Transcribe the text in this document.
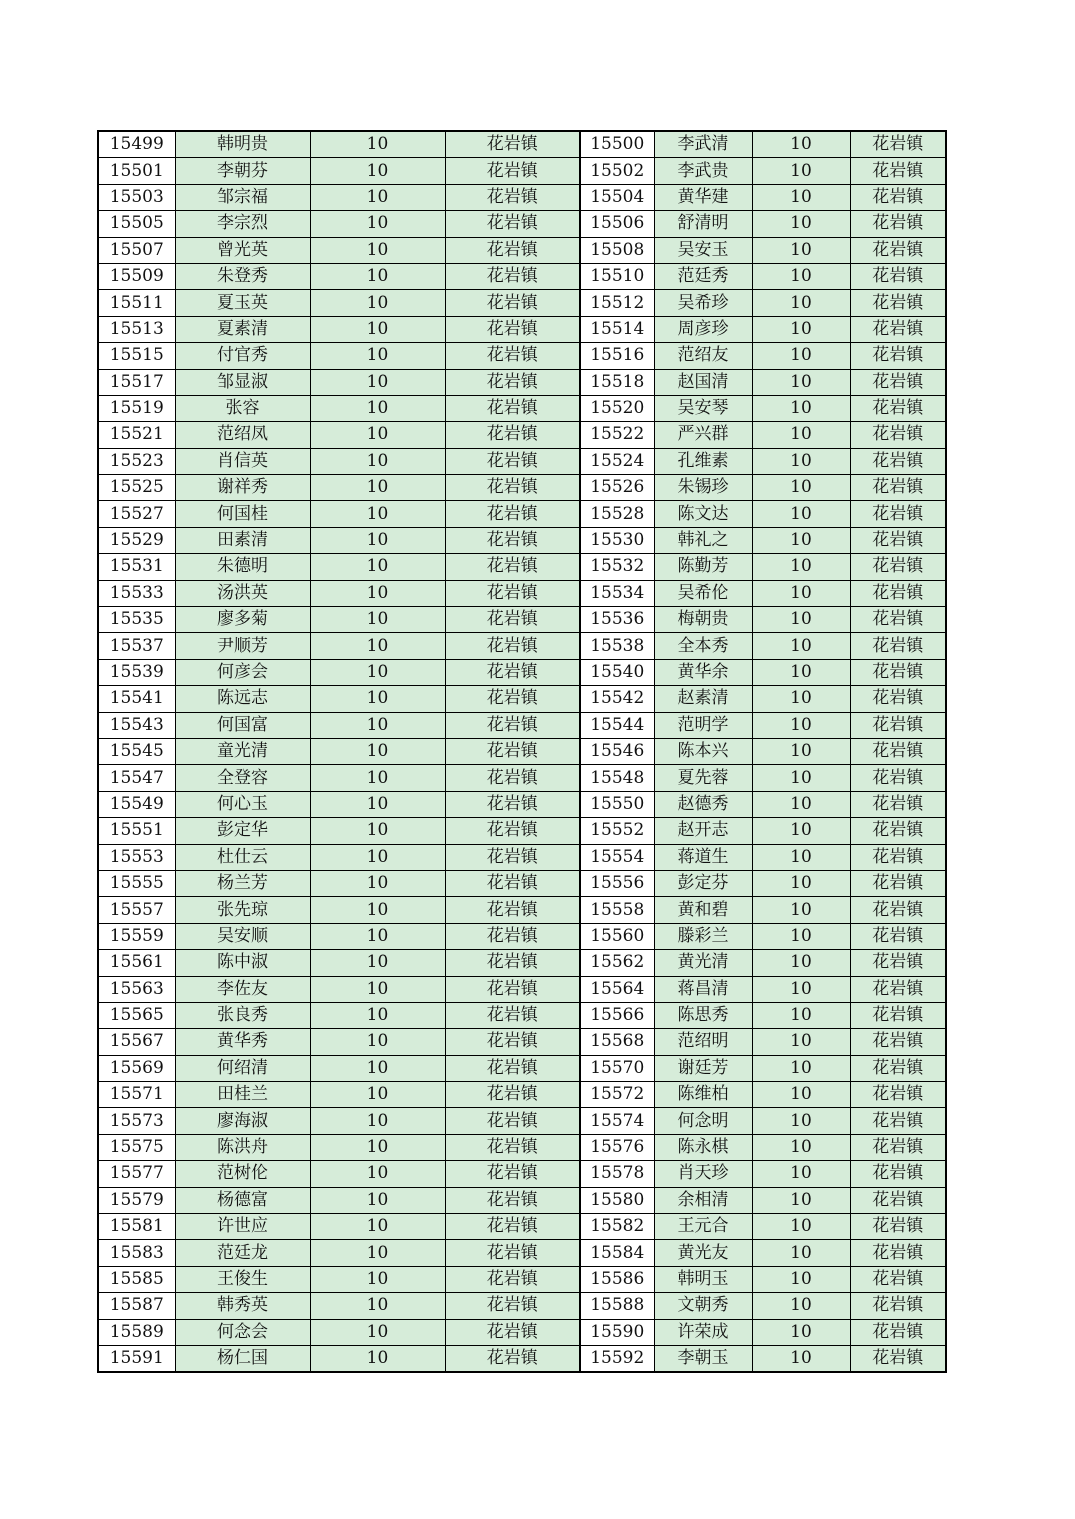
15499	韩明贵	10	花岩镇	15500	李武清	10	花岩镇
15501	李朝芬	10	花岩镇	15502	李武贵	10	花岩镇
15503	邹宗福	10	花岩镇	15504	黄华建	10	花岩镇
15505	李宗烈	10	花岩镇	15506	舒清明	10	花岩镇
15507	曾光英	10	花岩镇	15508	吴安玉	10	花岩镇
15509	朱登秀	10	花岩镇	15510	范廷秀	10	花岩镇
15511	夏玉英	10	花岩镇	15512	吴希珍	10	花岩镇
15513	夏素清	10	花岩镇	15514	周彦珍	10	花岩镇
15515	付官秀	10	花岩镇	15516	范绍友	10	花岩镇
15517	邹显淑	10	花岩镇	15518	赵国清	10	花岩镇
15519	张容	10	花岩镇	15520	吴安琴	10	花岩镇
15521	范绍凤	10	花岩镇	15522	严兴群	10	花岩镇
15523	肖信英	10	花岩镇	15524	孔维素	10	花岩镇
15525	谢祥秀	10	花岩镇	15526	朱锡珍	10	花岩镇
15527	何国桂	10	花岩镇	15528	陈文达	10	花岩镇
15529	田素清	10	花岩镇	15530	韩礼之	10	花岩镇
15531	朱德明	10	花岩镇	15532	陈勤芳	10	花岩镇
15533	汤洪英	10	花岩镇	15534	吴希伦	10	花岩镇
15535	廖多菊	10	花岩镇	15536	梅朝贵	10	花岩镇
15537	尹顺芳	10	花岩镇	15538	全本秀	10	花岩镇
15539	何彦会	10	花岩镇	15540	黄华余	10	花岩镇
15541	陈远志	10	花岩镇	15542	赵素清	10	花岩镇
15543	何国富	10	花岩镇	15544	范明学	10	花岩镇
15545	童光清	10	花岩镇	15546	陈本兴	10	花岩镇
15547	全登容	10	花岩镇	15548	夏先蓉	10	花岩镇
15549	何心玉	10	花岩镇	15550	赵德秀	10	花岩镇
15551	彭定华	10	花岩镇	15552	赵开志	10	花岩镇
15553	杜仕云	10	花岩镇	15554	蒋道生	10	花岩镇
15555	杨兰芳	10	花岩镇	15556	彭定芬	10	花岩镇
15557	张先琼	10	花岩镇	15558	黄和碧	10	花岩镇
15559	吴安顺	10	花岩镇	15560	滕彩兰	10	花岩镇
15561	陈中淑	10	花岩镇	15562	黄光清	10	花岩镇
15563	李佐友	10	花岩镇	15564	蒋昌清	10	花岩镇
15565	张良秀	10	花岩镇	15566	陈思秀	10	花岩镇
15567	黄华秀	10	花岩镇	15568	范绍明	10	花岩镇
15569	何绍清	10	花岩镇	15570	谢廷芳	10	花岩镇
15571	田桂兰	10	花岩镇	15572	陈维柏	10	花岩镇
15573	廖海淑	10	花岩镇	15574	何念明	10	花岩镇
15575	陈洪舟	10	花岩镇	15576	陈永棋	10	花岩镇
15577	范树伦	10	花岩镇	15578	肖天珍	10	花岩镇
15579	杨德富	10	花岩镇	15580	余相清	10	花岩镇
15581	许世应	10	花岩镇	15582	王元合	10	花岩镇
15583	范廷龙	10	花岩镇	15584	黄光友	10	花岩镇
15585	王俊生	10	花岩镇	15586	韩明玉	10	花岩镇
15587	韩秀英	10	花岩镇	15588	文朝秀	10	花岩镇
15589	何念会	10	花岩镇	15590	许荣成	10	花岩镇
15591	杨仁国	10	花岩镇	15592	李朝玉	10	花岩镇
